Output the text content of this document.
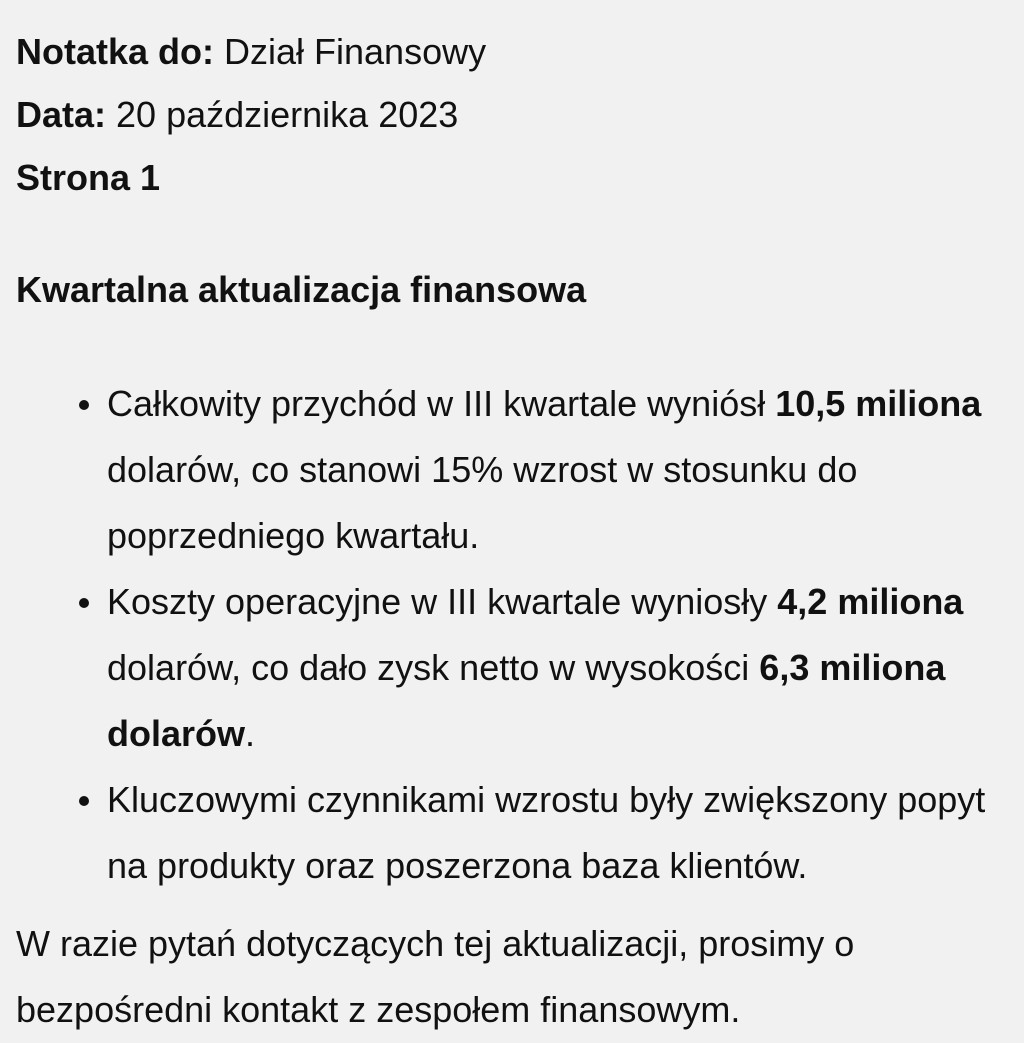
Notatka do: Dział Finansowy
Data: 20 października 2023
Strona 1
Kwartalna aktualizacja finansowa
Całkowity przychód w III kwartale wyniósł 10,5 miliona dolarów, co stanowi 15% wzrost w stosunku do poprzedniego kwartału.
Koszty operacyjne w III kwartale wyniosły 4,2 miliona dolarów, co dało zysk netto w wysokości 6,3 miliona dolarów.
Kluczowymi czynnikami wzrostu były zwiększony popyt na produkty oraz poszerzona baza klientów.
W razie pytań dotyczących tej aktualizacji, prosimy o bezpośredni kontakt z zespołem finansowym.
